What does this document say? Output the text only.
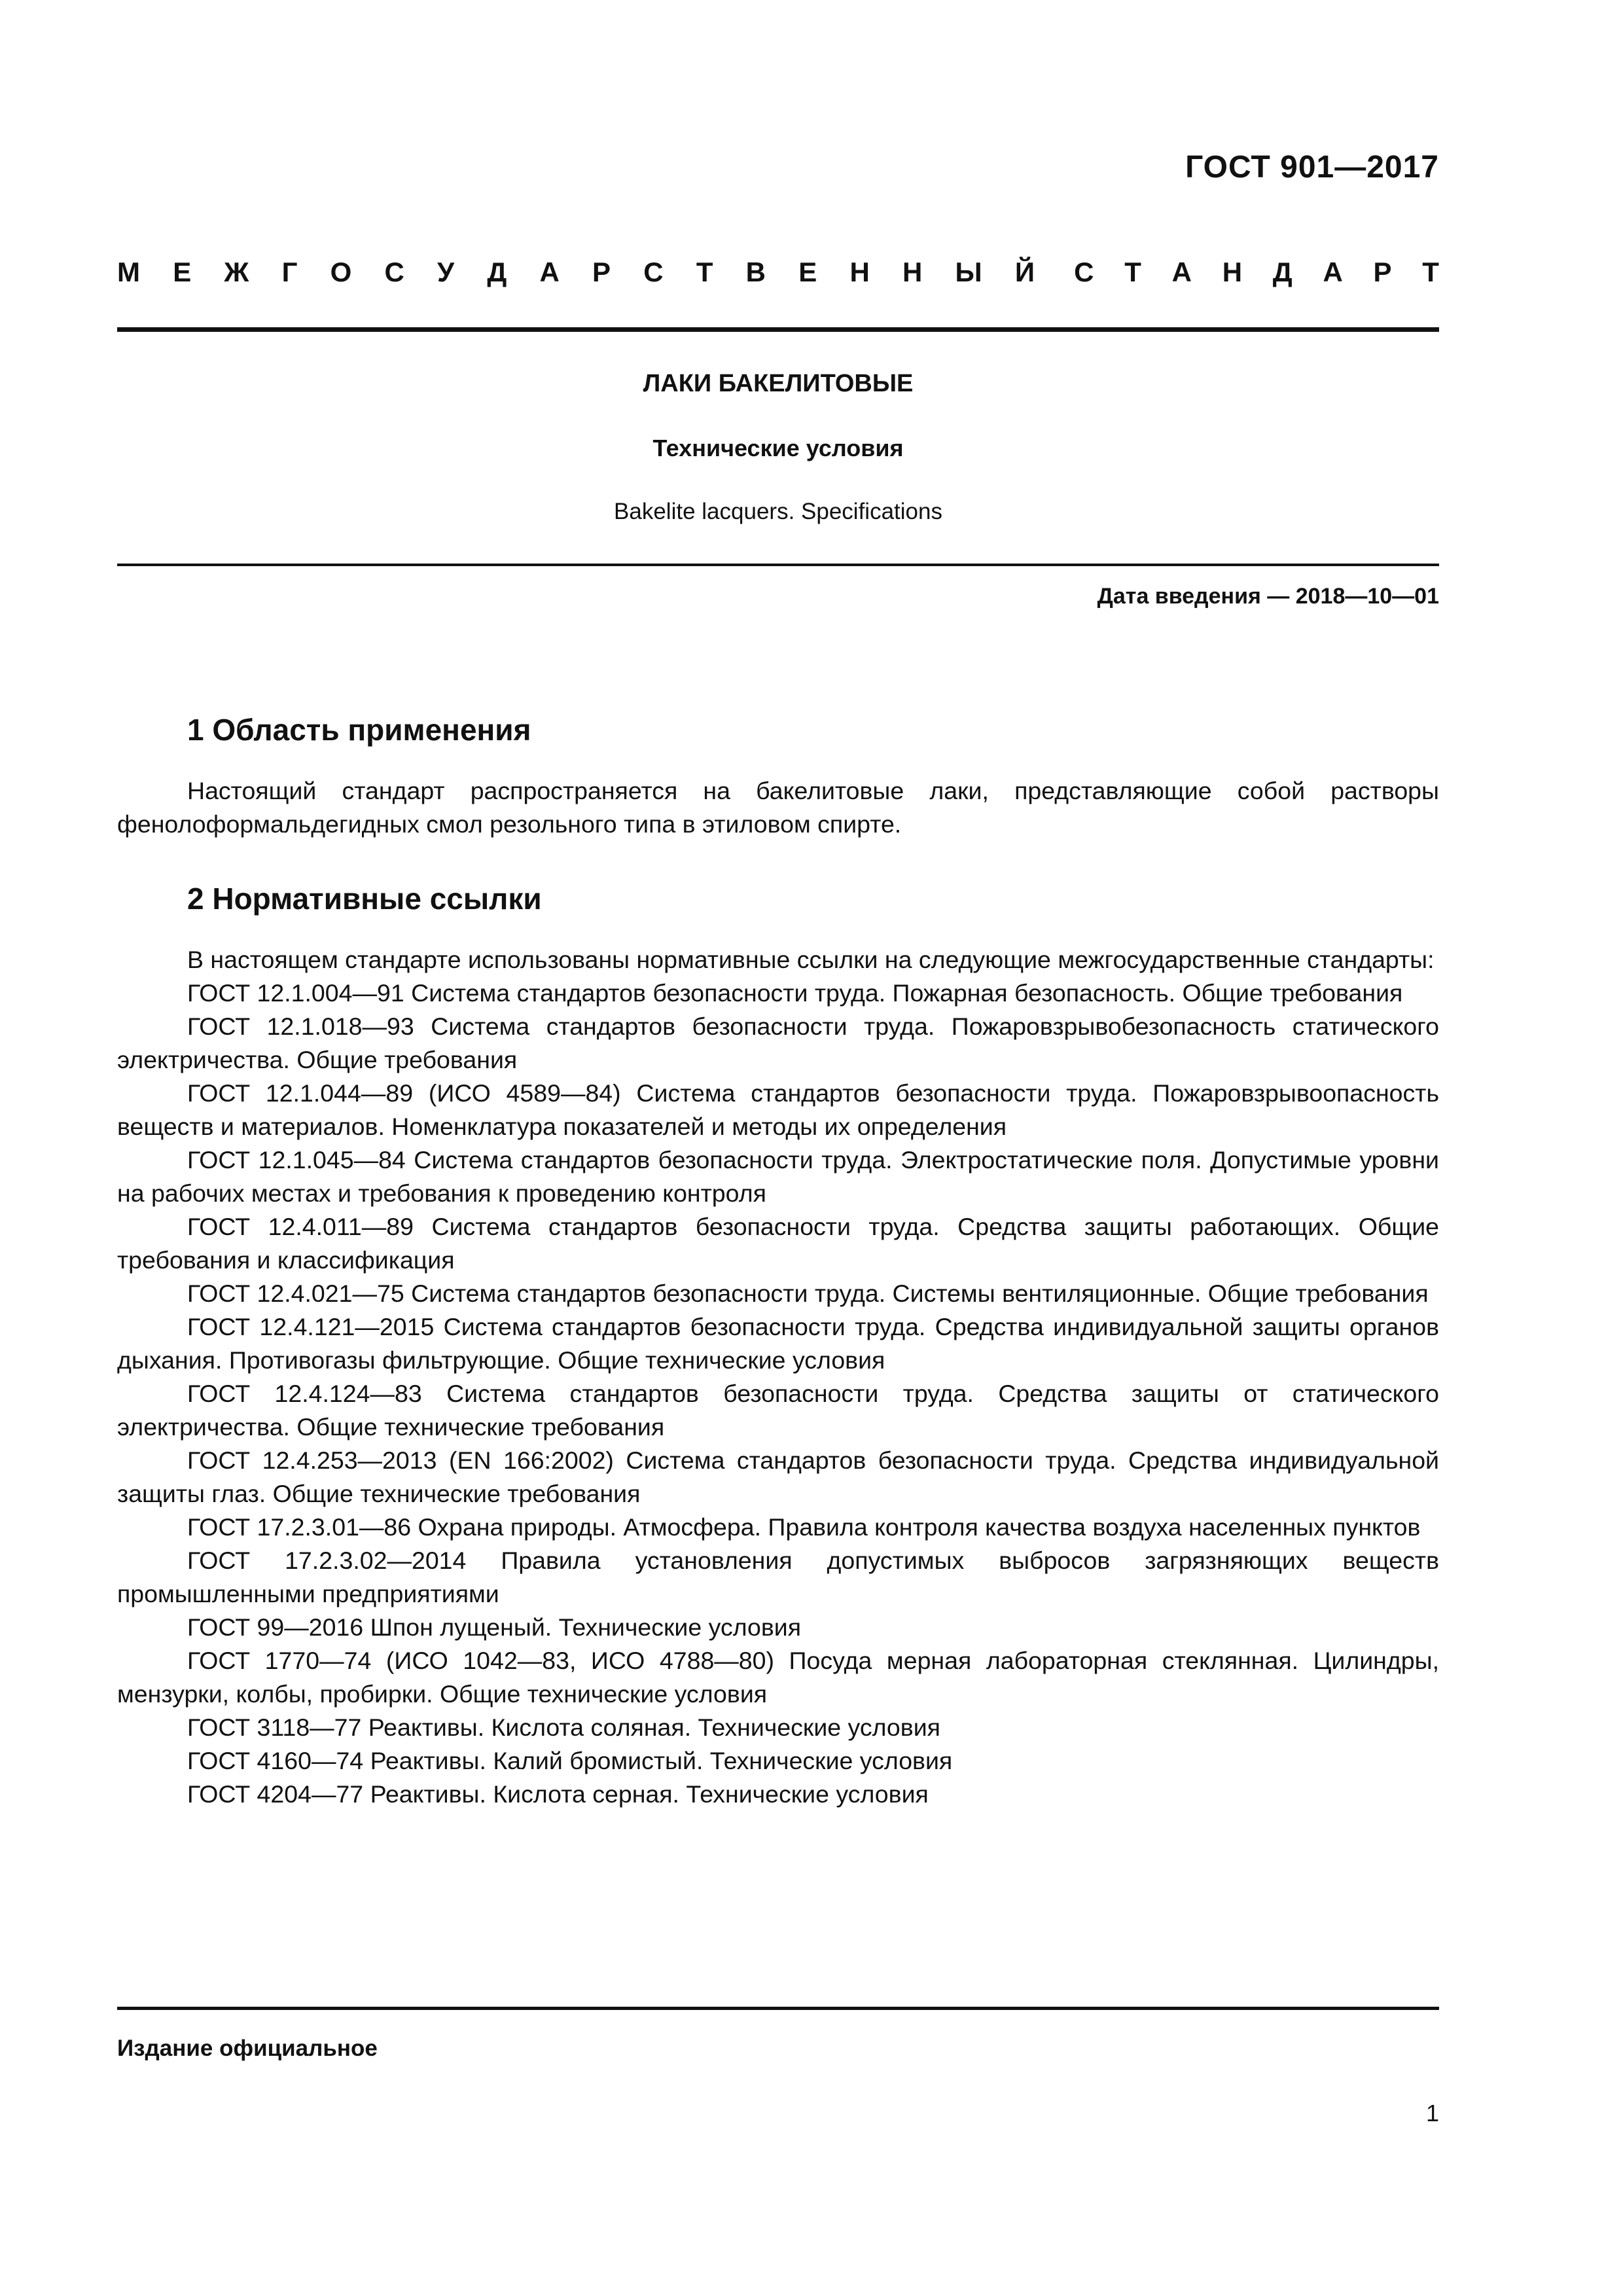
ГОСТ 901—2017
М Е Ж Г О С У Д А Р С Т В Е Н Н Ы Й С Т А Н Д А Р Т
ЛАКИ БАКЕЛИТОВЫЕ
Технические условия
Bakelite lacquers. Specifications
Дата введения — 2018—10—01
1 Область применения

Настоящий стандарт распространяется на бакелитовые лаки, представляющие собой растворы фенолоформальдегидных смол резольного типа в этиловом спирте.

2 Нормативные ссылки

В настоящем стандарте использованы нормативные ссылки на следующие межгосударственные стандарты:

ГОСТ 12.1.004—91 Система стандартов безопасности труда. Пожарная безопасность. Общие требования

ГОСТ 12.1.018—93 Система стандартов безопасности труда. Пожаровзрывобезопасность статического электричества. Общие требования

ГОСТ 12.1.044—89 (ИСО 4589—84) Система стандартов безопасности труда. Пожаровзрывоопасность веществ и материалов. Номенклатура показателей и методы их определения

ГОСТ 12.1.045—84 Система стандартов безопасности труда. Электростатические поля. Допустимые уровни на рабочих местах и требования к проведению контроля

ГОСТ 12.4.011—89 Система стандартов безопасности труда. Средства защиты работающих. Общие требования и классификация

ГОСТ 12.4.021—75 Система стандартов безопасности труда. Системы вентиляционные. Общие требования

ГОСТ 12.4.121—2015 Система стандартов безопасности труда. Средства индивидуальной защиты органов дыхания. Противогазы фильтрующие. Общие технические условия

ГОСТ 12.4.124—83 Система стандартов безопасности труда. Средства защиты от статического электричества. Общие технические требования

ГОСТ 12.4.253—2013 (EN 166:2002) Система стандартов безопасности труда. Средства индивидуальной защиты глаз. Общие технические требования

ГОСТ 17.2.3.01—86 Охрана природы. Атмосфера. Правила контроля качества воздуха населенных пунктов

ГОСТ 17.2.3.02—2014 Правила установления допустимых выбросов загрязняющих веществ промышленными предприятиями

ГОСТ 99—2016 Шпон лущеный. Технические условия

ГОСТ 1770—74 (ИСО 1042—83, ИСО 4788—80) Посуда мерная лабораторная стеклянная. Цилиндры, мензурки, колбы, пробирки. Общие технические условия

ГОСТ 3118—77 Реактивы. Кислота соляная. Технические условия

ГОСТ 4160—74 Реактивы. Калий бромистый. Технические условия

ГОСТ 4204—77 Реактивы. Кислота серная. Технические условия

Издание официальное
1
